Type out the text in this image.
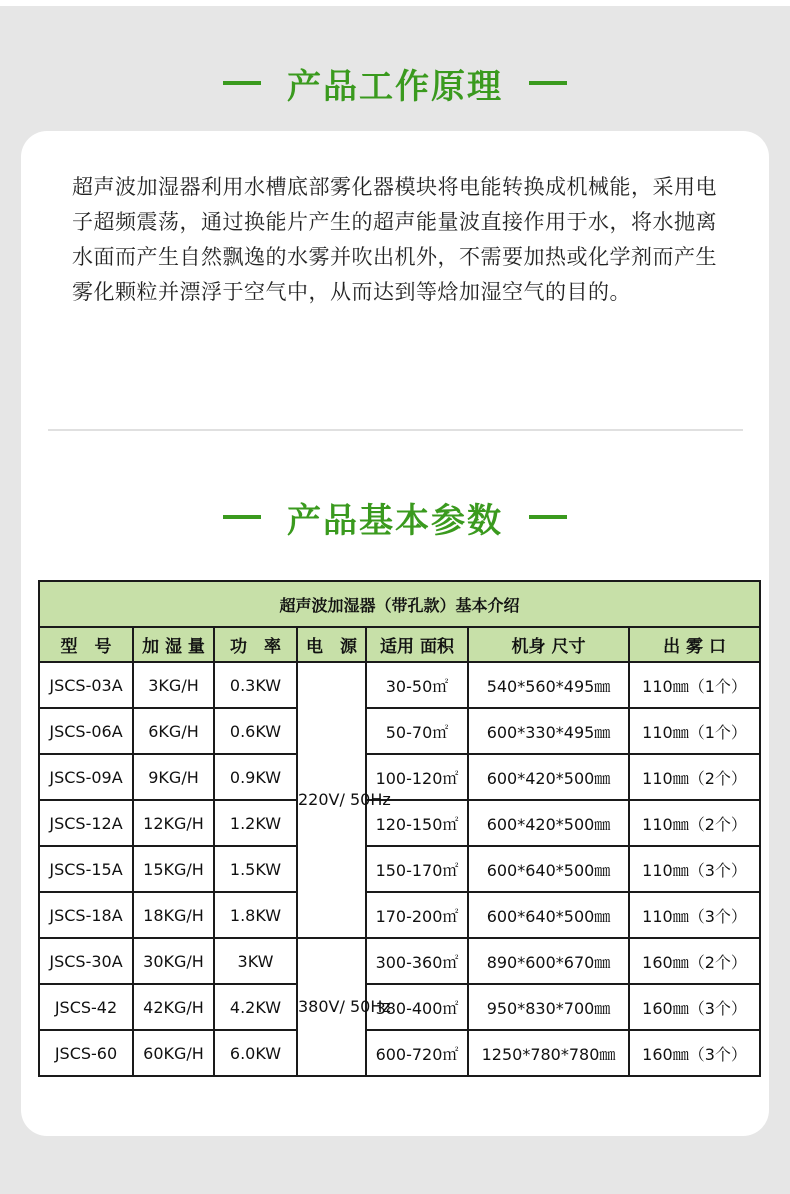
产品工作原理
超声波加湿器利用水槽底部雾化器模块将电能转换成机械能，采用电子超频震荡，通过换能片产生的超声能量波直接作用于水，将水抛离水面而产生自然飘逸的水雾并吹出机外，不需要加热或化学剂而产生雾化颗粒并漂浮于空气中，从而达到等焓加湿空气的目的。
产品基本参数
超声波加湿器（带孔款）基本介绍						
型　号	加 湿 量	功　率	电　源	适用 面积	机身 尺寸	出 雾 口
JSCS-03A	3KG/H	0.3KW	220V/ 50Hz	30-50㎡	540*560*495㎜	110㎜（1个）
JSCS-06A	6KG/H	0.6KW		50-70㎡	600*330*495㎜	110㎜（1个）
JSCS-09A	9KG/H	0.9KW		100-120㎡	600*420*500㎜	110㎜（2个）
JSCS-12A	12KG/H	1.2KW		120-150㎡	600*420*500㎜	110㎜（2个）
JSCS-15A	15KG/H	1.5KW		150-170㎡	600*640*500㎜	110㎜（3个）
JSCS-18A	18KG/H	1.8KW		170-200㎡	600*640*500㎜	110㎜（3个）
JSCS-30A	30KG/H	3KW	380V/ 50Hz	300-360㎡	890*600*670㎜	160㎜（2个）
JSCS-42	42KG/H	4.2KW		380-400㎡	950*830*700㎜	160㎜（3个）
JSCS-60	60KG/H	6.0KW		600-720㎡	1250*780*780㎜	160㎜（3个）
